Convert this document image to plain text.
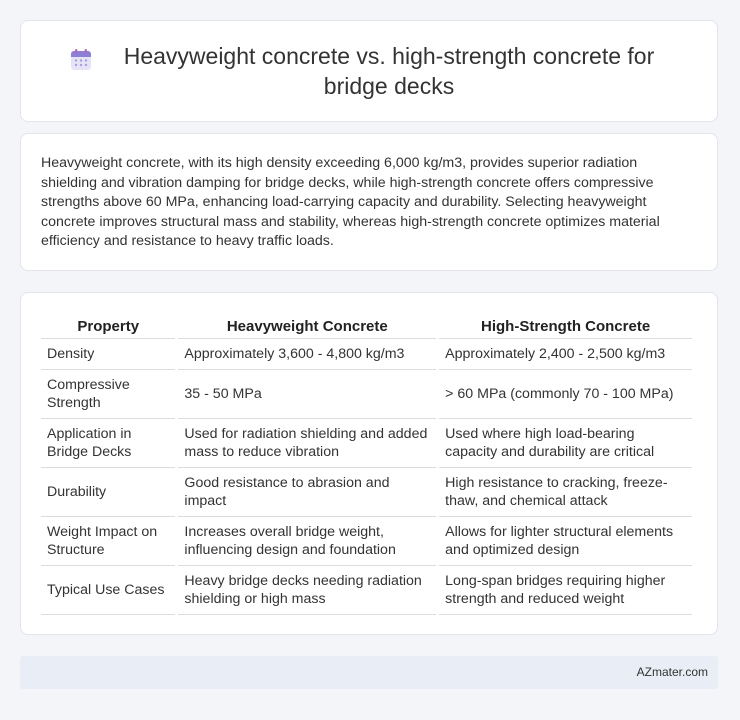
Heavyweight concrete vs. high-strength concrete for bridge decks

Heavyweight concrete, with its high density exceeding 6,000 kg/m3, provides superior radiation shielding and vibration damping for bridge decks, while high-strength concrete offers compressive strengths above 60 MPa, enhancing load-carrying capacity and durability. Selecting heavyweight concrete improves structural mass and stability, whereas high-strength concrete optimizes material efficiency and resistance to heavy traffic loads.

Property	Heavyweight Concrete	High-Strength Concrete
Density	Approximately 3,600 - 4,800 kg/m3	Approximately 2,400 - 2,500 kg/m3
Compressive Strength	35 - 50 MPa	> 60 MPa (commonly 70 - 100 MPa)
Application in Bridge Decks	Used for radiation shielding and added mass to reduce vibration	Used where high load-bearing capacity and durability are critical
Durability	Good resistance to abrasion and impact	High resistance to cracking, freeze-thaw, and chemical attack
Weight Impact on Structure	Increases overall bridge weight, influencing design and foundation	Allows for lighter structural elements and optimized design
Typical Use Cases	Heavy bridge decks needing radiation shielding or high mass	Long-span bridges requiring higher strength and reduced weight
AZmater.com
